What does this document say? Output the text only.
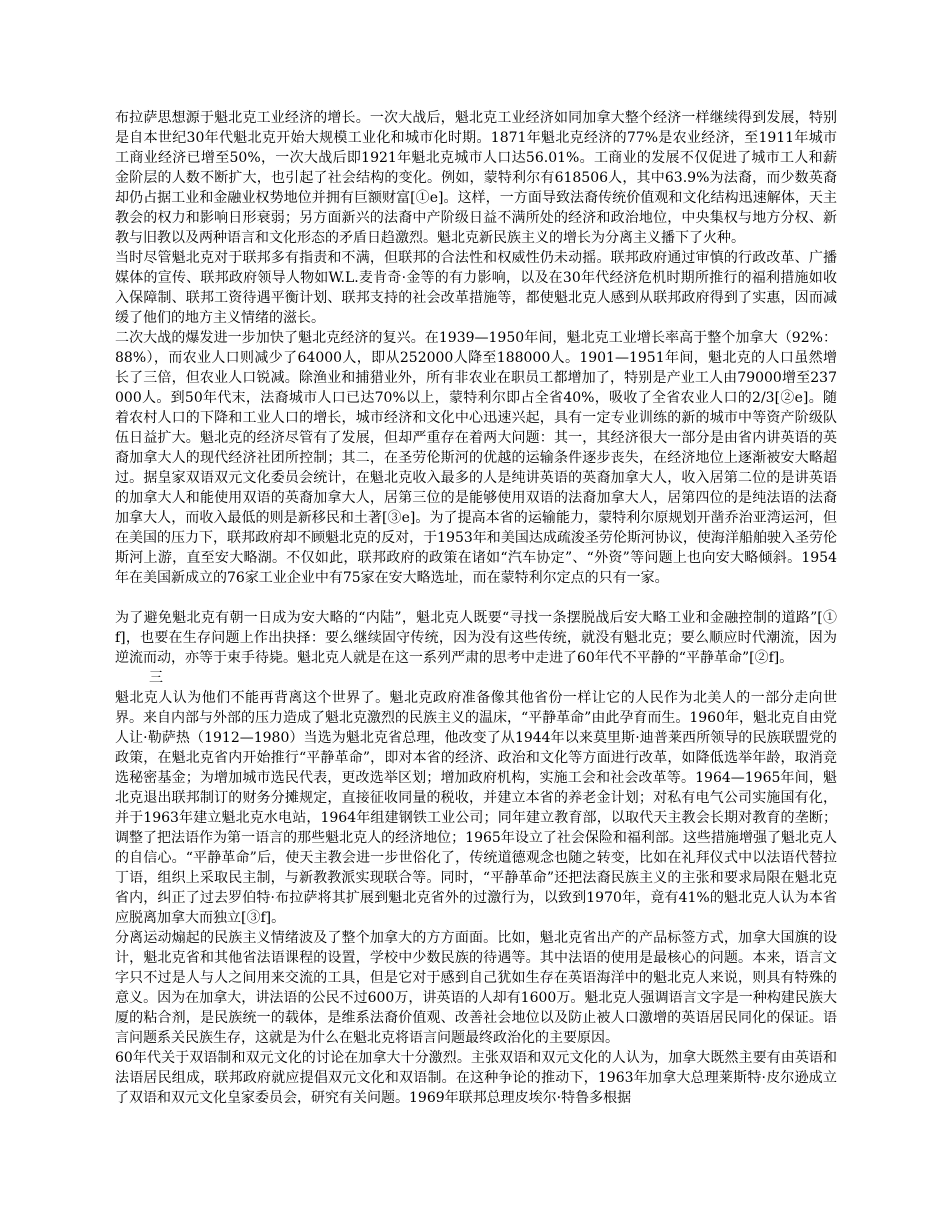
布拉萨思想源于魁北克工业经济的增长。一次大战后，魁北克工业经济如同加拿大整个经济一样继续得到发展，特别是自本世纪30年代魁北克开始大规模工业化和城市化时期。1871年魁北克经济的77%是农业经济，至1911年城市工商业经济已增至50%，一次大战后即1921年魁北克城市人口达56.01%。工商业的发展不仅促进了城市工人和薪金阶层的人数不断扩大，也引起了社会结构的变化。例如，蒙特利尔有618506人，其中63.9%为法裔，而少数英裔却仍占据工业和金融业权势地位并拥有巨额财富[①e]。这样，一方面导致法裔传统价值观和文化结构迅速解体，天主教会的权力和影响日形衰弱；另方面新兴的法裔中产阶级日益不满所处的经济和政治地位，中央集权与地方分权、新教与旧教以及两种语言和文化形态的矛盾日趋激烈。魁北克新民族主义的增长为分离主义播下了火种。

当时尽管魁北克对于联邦多有指责和不满，但联邦的合法性和权威性仍未动摇。联邦政府通过审慎的行政改革、广播媒体的宣传、联邦政府领导人物如W.L.麦肯奇·金等的有力影响，以及在30年代经济危机时期所推行的福利措施如收入保障制、联邦工资待遇平衡计划、联邦支持的社会改革措施等，都使魁北克人感到从联邦政府得到了实惠，因而减缓了他们的地方主义情绪的滋长。

二次大战的爆发进一步加快了魁北克经济的复兴。在1939—1950年间，魁北克工业增长率高于整个加拿大（92%：88%），而农业人口则减少了64000人，即从252000人降至188000人。1901—1951年间，魁北克的人口虽然增长了三倍，但农业人口锐减。除渔业和捕猎业外，所有非农业在职员工都增加了，特别是产业工人由79000增至237000人。到50年代末，法裔城市人口已达70%以上，蒙特利尔即占全省40%，吸收了全省农业人口的2/3[②e]。随着农村人口的下降和工业人口的增长，城市经济和文化中心迅速兴起，具有一定专业训练的新的城市中等资产阶级队伍日益扩大。魁北克的经济尽管有了发展，但却严重存在着两大问题：其一，其经济很大一部分是由省内讲英语的英裔加拿大人的现代经济社团所控制；其二，在圣劳伦斯河的优越的运输条件逐步丧失，在经济地位上逐渐被安大略超过。据皇家双语双元文化委员会统计，在魁北克收入最多的人是纯讲英语的英裔加拿大人，收入居第二位的是讲英语的加拿大人和能使用双语的英裔加拿大人，居第三位的是能够使用双语的法裔加拿大人，居第四位的是纯法语的法裔加拿大人，而收入最低的则是新移民和土著[③e]。为了提高本省的运输能力，蒙特利尔原规划开凿乔治亚湾运河，但在美国的压力下，联邦政府却不顾魁北克的反对，于1953年和美国达成疏浚圣劳伦斯河协议，使海洋船舶驶入圣劳伦斯河上游，直至安大略湖。不仅如此，联邦政府的政策在诸如“汽车协定”、“外资”等问题上也向安大略倾斜。1954年在美国新成立的76家工业企业中有75家在安大略选址，而在蒙特利尔定点的只有一家。

为了避免魁北克有朝一日成为安大略的“内陆”，魁北克人既要“寻找一条摆脱战后安大略工业和金融控制的道路”[①f]，也要在生存问题上作出抉择：要么继续固守传统，因为没有这些传统，就没有魁北克；要么顺应时代潮流，因为逆流而动，亦等于束手待毙。魁北克人就是在这一系列严肃的思考中走进了60年代不平静的“平静革命”[②f]。

三

魁北克人认为他们不能再背离这个世界了。魁北克政府准备像其他省份一样让它的人民作为北美人的一部分走向世界。来自内部与外部的压力造成了魁北克激烈的民族主义的温床，“平静革命”由此孕育而生。1960年，魁北克自由党人让·勒萨热（1912—1980）当选为魁北克省总理，他改变了从1944年以来莫里斯·迪普莱西所领导的民族联盟党的政策，在魁北克省内开始推行“平静革命”，即对本省的经济、政治和文化等方面进行改革，如降低选举年龄，取消竞选秘密基金；为增加城市选民代表，更改选举区划；增加政府机构，实施工会和社会改革等。1964—1965年间，魁北克退出联邦制订的财务分摊规定，直接征收同量的税收，并建立本省的养老金计划；对私有电气公司实施国有化，并于1963年建立魁北克水电站，1964年组建钢铁工业公司；同年建立教育部，以取代天主教会长期对教育的垄断；调整了把法语作为第一语言的那些魁北克人的经济地位；1965年设立了社会保险和福利部。这些措施增强了魁北克人的自信心。“平静革命”后，使天主教会进一步世俗化了，传统道德观念也随之转变，比如在礼拜仪式中以法语代替拉丁语，组织上采取民主制，与新教教派实现联合等。同时，“平静革命”还把法裔民族主义的主张和要求局限在魁北克省内，纠正了过去罗伯特·布拉萨将其扩展到魁北克省外的过激行为，以致到1970年，竟有41%的魁北克人认为本省应脱离加拿大而独立[③f]。

分离运动煽起的民族主义情绪波及了整个加拿大的方方面面。比如，魁北克省出产的产品标签方式，加拿大国旗的设计，魁北克省和其他省法语课程的设置，学校中少数民族的待遇等。其中法语的使用是最核心的问题。本来，语言文字只不过是人与人之间用来交流的工具，但是它对于感到自己犹如生存在英语海洋中的魁北克人来说，则具有特殊的意义。因为在加拿大，讲法语的公民不过600万，讲英语的人却有1600万。魁北克人强调语言文字是一种构建民族大厦的粘合剂，是民族统一的载体，是维系法裔价值观、改善社会地位以及防止被人口激增的英语居民同化的保证。语言问题系关民族生存，这就是为什么在魁北克将语言问题最终政治化的主要原因。

60年代关于双语制和双元文化的讨论在加拿大十分激烈。主张双语和双元文化的人认为，加拿大既然主要有由英语和法语居民组成，联邦政府就应提倡双元文化和双语制。在这种争论的推动下，1963年加拿大总理莱斯特·皮尔逊成立了双语和双元文化皇家委员会，研究有关问题。1969年联邦总理皮埃尔·特鲁多根据
